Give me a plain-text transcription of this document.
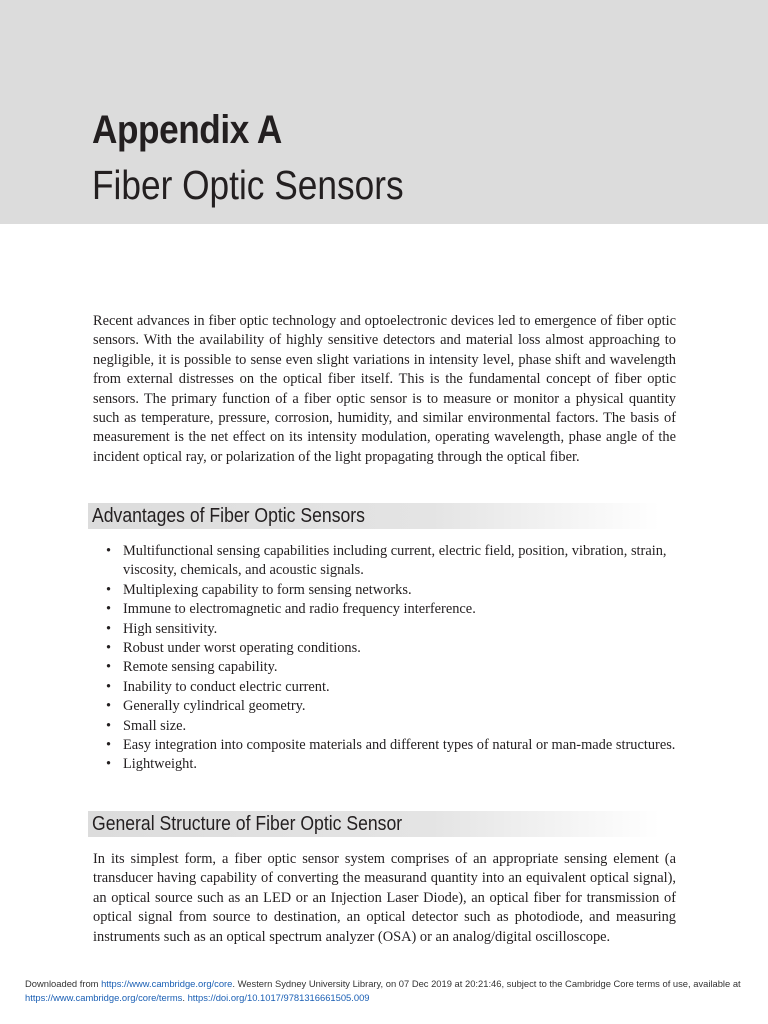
Appendix A
Fiber Optic Sensors

Recent advances in fiber optic technology and optoelectronic devices led to emergence of fiber optic sensors. With the availability of highly sensitive detectors and material loss almost approaching to negligible, it is possible to sense even slight variations in intensity level, phase shift and wavelength from external distresses on the optical fiber itself. This is the fundamental concept of fiber optic sensors. The primary function of a fiber optic sensor is to measure or monitor a physical quantity such as temperature, pressure, corrosion, humidity, and similar environmental factors. The basis of measurement is the net effect on its intensity modulation, operating wavelength, phase angle of the incident optical ray, or polarization of the light propagating through the optical fiber.

Advantages of Fiber Optic Sensors
• Multifunctional sensing capabilities including current, electric field, position, vibration, strain, viscosity, chemicals, and acoustic signals.
• Multiplexing capability to form sensing networks.
• Immune to electromagnetic and radio frequency interference.
• High sensitivity.
• Robust under worst operating conditions.
• Remote sensing capability.
• Inability to conduct electric current.
• Generally cylindrical geometry.
• Small size.
• Easy integration into composite materials and different types of natural or man-made structures.
• Lightweight.
General Structure of Fiber Optic Sensor

In its simplest form, a fiber optic sensor system comprises of an appropriate sensing element (a transducer having capability of converting the measurand quantity into an equivalent optical signal), an optical source such as an LED or an Injection Laser Diode), an optical fiber for transmission of optical signal from source to destination, an optical detector such as photodiode, and measuring instruments such as an optical spectrum analyzer (OSA) or an analog/digital oscilloscope.

Downloaded from https://www.cambridge.org/core. Western Sydney University Library, on 07 Dec 2019 at 20:21:46, subject to the Cambridge Core terms of use, available at https://www.cambridge.org/core/terms. https://doi.org/10.1017/9781316661505.009
